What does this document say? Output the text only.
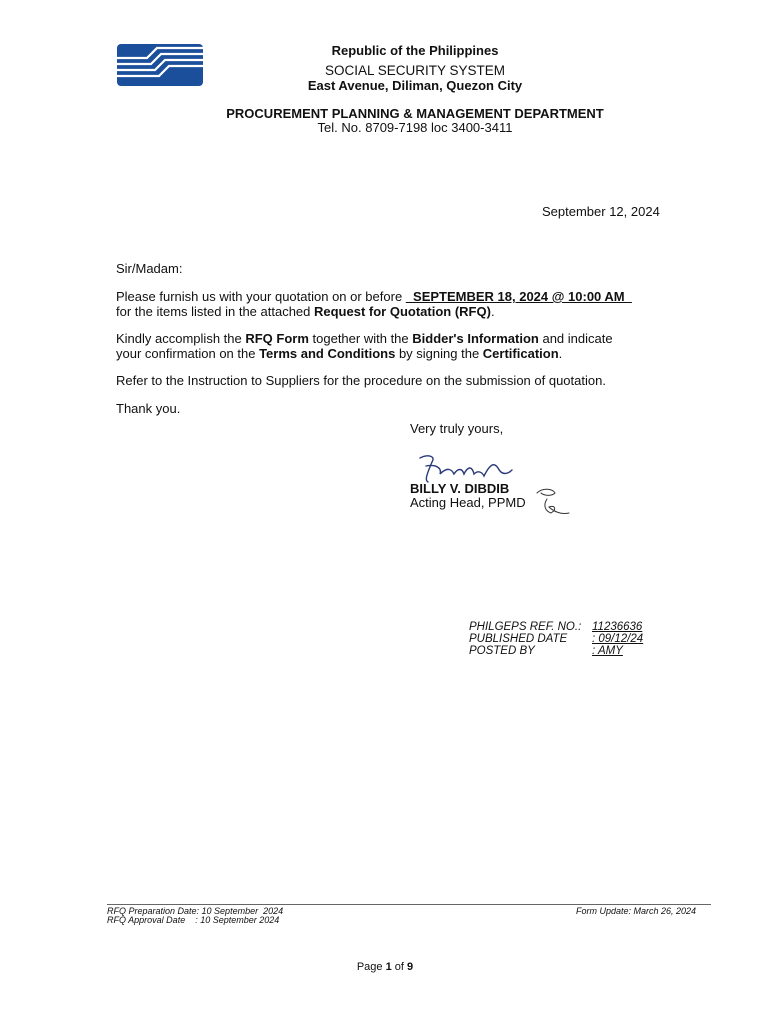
Republic of the Philippines
SOCIAL SECURITY SYSTEM
East Avenue, Diliman, Quezon City
PROCUREMENT PLANNING & MANAGEMENT DEPARTMENT
Tel. No. 8709-7198 loc 3400-3411
September 12, 2024
Sir/Madam:
Please furnish us with your quotation on or before   SEPTEMBER 18, 2024 @ 10:00 AM
for the items listed in the attached Request for Quotation (RFQ).
Kindly accomplish the RFQ Form together with the Bidder's Information and indicate
your confirmation on the Terms and Conditions by signing the Certification.
Refer to the Instruction to Suppliers for the procedure on the submission of quotation.
Thank you.
Very truly yours,
BILLY V. DIBDIB
Acting Head, PPMD
PHILGEPS REF. NO.:	11236636
PUBLISHED DATE	: 09/12/24
POSTED BY	: AMY
RFQ Preparation Date: 10 September  2024
RFQ Approval Date    : 10 September 2024
Form Update: March 26, 2024
Page 1 of 9
